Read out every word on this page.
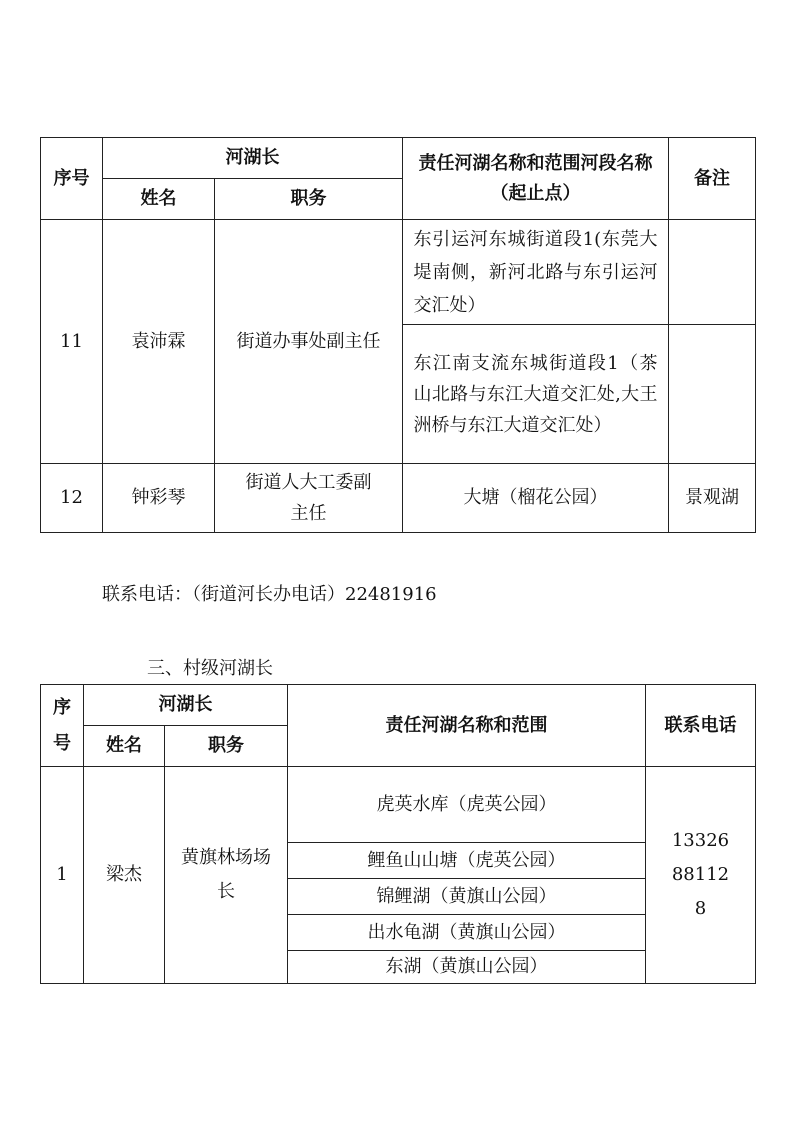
序号	河湖长		责任河湖名称和范围河段名称（起止点）	备注
	姓名	职务		
11	袁沛霖	街道办事处副主任	东引运河东城街道段1(东莞大堤南侧，新河北路与东引运河交汇处）	

			东江南支流东城街道段1（茶山北路与东江大道交汇处,大王洲桥与东江大道交汇处）	

12	钟彩琴	街道人大工委副主任	大塘（榴花公园）	景观湖
联系电话：（街道河长办电话）22481916
三、村级河湖长
序号	河湖长		责任河湖名称和范围	联系电话
	姓名	职务		
1	梁杰	黄旗林场场长	虎英水库（虎英公园）	13326881128

			鲤鱼山山塘（虎英公园）	
			锦鲤湖（黄旗山公园）	
			出水龟湖（黄旗山公园）	
			东湖（黄旗山公园）	
